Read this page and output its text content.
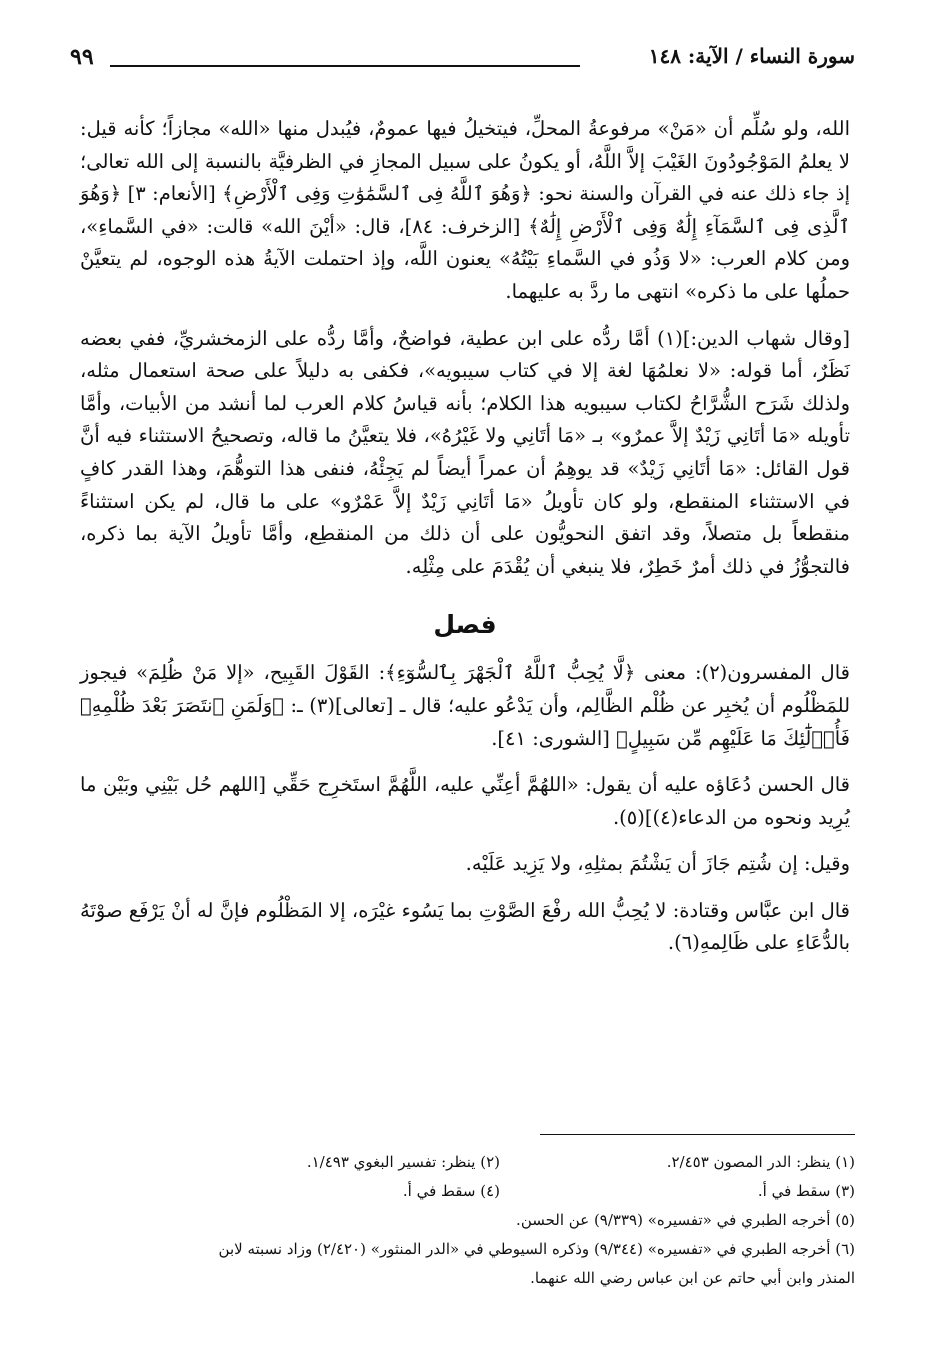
٩٩	سورة النساء / الآية: ١٤٨

الله، ولو سُلِّم أن «مَنْ» مرفوعةُ المحلِّ، فيتخيلُ فيها عمومٌ، فيُبدل منها «الله» مجازاً؛ كأنه قيل: لا يعلمُ المَوْجُودُونَ الغَيْبَ إلاَّ اللَّهُ، أو يكونُ على سبيل المجازِ في الظرفيَّة بالنسبة إلى الله تعالى؛ إذ جاء ذلك عنه في القرآن والسنة نحو: ﴿وَهُوَ ٱللَّهُ فِى ٱلسَّمَٰوَٰتِ وَفِى ٱلْأَرْضِ﴾ [الأنعام: ٣] ﴿وَهُوَ ٱلَّذِى فِى ٱلسَّمَآءِ إِلَٰهٌ وَفِى ٱلْأَرْضِ إِلَٰهٌ﴾ [الزخرف: ٨٤]، قال: «أيْنَ الله» قالت: «في السَّماءِ»، ومن كلام العرب: «لا وَذُو في السَّماءِ بَيْتُهُ» يعنون اللَّه، وإذ احتملت الآيةُ هذه الوجوه، لم يتعيَّنْ حملُها على ما ذكره» انتهى ما ردَّ به عليهما.

[وقال شهاب الدين:](١) أمَّا ردُّه على ابن عطية، فواضحٌ، وأمَّا ردُّه على الزمخشريِّ، ففي بعضه نَظَرٌ، أما قوله: «لا نعلمُهَا لغة إلا في كتاب سيبويه»، فكفى به دليلاً على صحة استعمال مثله، ولذلك شَرَح الشُّرَّاحُ لكتاب سيبويه هذا الكلام؛ بأنه قياسُ كلام العرب لما أنشد من الأبيات، وأمَّا تأويله «مَا أتَانِي زَيْدٌ إلاَّ عمرٌو» بـ «مَا أتَانِي ولا غَيْرُهُ»، فلا يتعيَّنُ ما قاله، وتصحيحُ الاستثناء فيه أنَّ قول القائل: «مَا أتَانِي زَيْدٌ» قد يوهِمُ أن عمراً أيضاً لم يَجِئْهُ، فنفى هذا التوهُّمَ، وهذا القدر كافٍ في الاستثناء المنقطع، ولو كان تأويلُ «مَا أتَانِي زَيْدٌ إلاَّ عَمْرٌو» على ما قال، لم يكن استثناءً منقطعاً بل متصلاً، وقد اتفق النحويُّون على أن ذلك من المنقطِع، وأمَّا تأويلُ الآية بما ذكره، فالتجوُّزُ في ذلك أمرٌ خَطِرٌ، فلا ينبغي أن يُقْدَمَ على مِثْلِه.

فصل

قال المفسرون(٢): معنى ﴿لَّا يُحِبُّ ٱللَّهُ ٱلْجَهْرَ بِٱلسُّوٓءِ﴾: القَوْلَ القَبِيح، «إلا مَنْ ظُلِمَ» فيجوز للمَظْلُوم أن يُخبِر عن ظُلْم الظَّالِم، وأن يَدْعُو عليه؛ قال ـ [تعالى](٣) ـ: ﴿وَلَمَنِ ٱنتَصَرَ بَعْدَ ظُلْمِهِۦ فَأُو۟لَٰٓئِكَ مَا عَلَيْهِم مِّن سَبِيلٍ﴾ [الشورى: ٤١].

قال الحسن دُعَاؤه عليه أن يقول: «اللهُمَّ أعِنِّي عليه، اللَّهُمَّ استَخرِج حَقِّي [اللهم حُل بَيْنِي وبَيْن ما يُرِيد ونحوه من الدعاء(٤)](٥).

وقيل: إن شُتِم جَازَ أن يَشْتُمَ بمثلِهِ، ولا يَزِيد عَلَيْه.

قال ابن عبَّاس وقتادة: لا يُحِبُّ الله رفْعَ الصَّوْتِ بما يَسُوء غيْرَه، إلا المَظْلُوم فإنَّ له أنْ يَرْفَع صوْتَهُ بالدُّعَاءِ على ظَالِمهِ(٦).

(١) ينظر: الدر المصون ٢/٤٥٣.
(٢) ينظر: تفسير البغوي ١/٤٩٣.
(٣) سقط في أ.
(٤) سقط في أ.
(٥) أخرجه الطبري في «تفسيره» (٩/٣٣٩) عن الحسن.
(٦) أخرجه الطبري في «تفسيره» (٩/٣٤٤) وذكره السيوطي في «الدر المنثور» (٢/٤٢٠) وزاد نسبته لابن
المنذر وابن أبي حاتم عن ابن عباس رضي الله عنهما.
